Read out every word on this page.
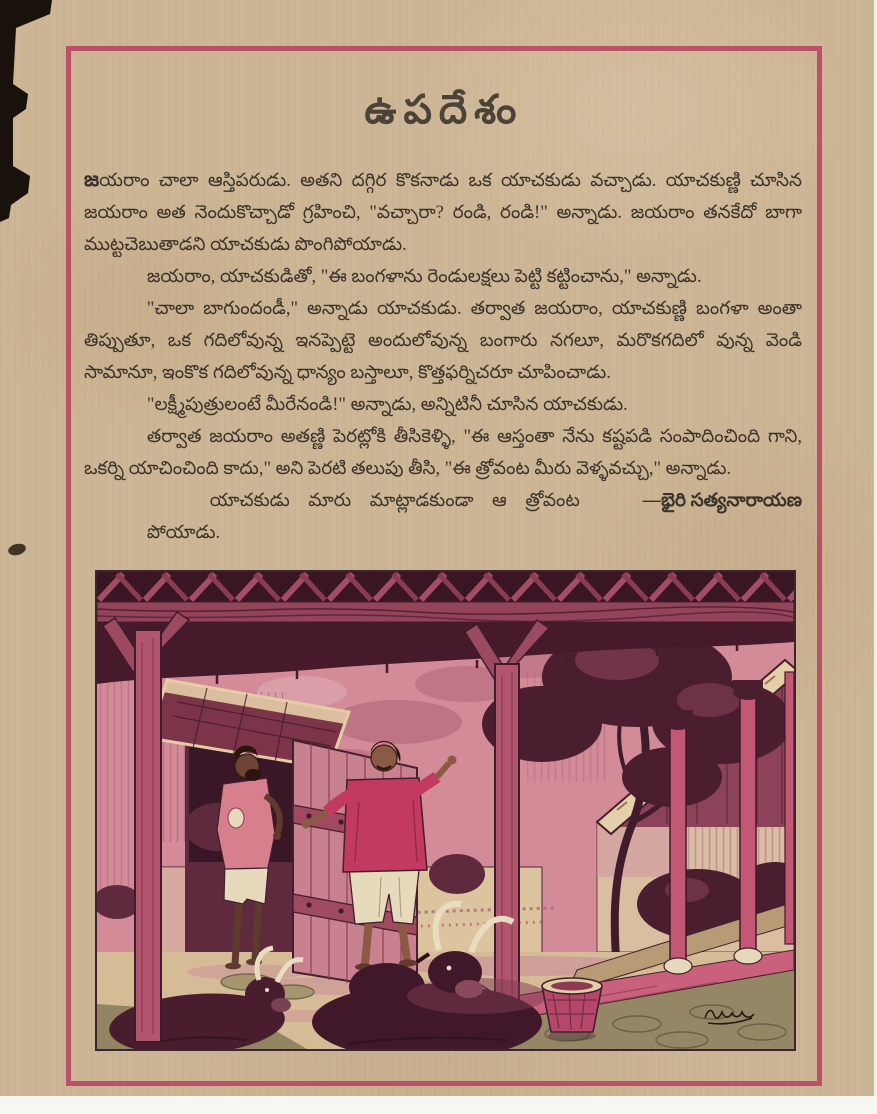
ఉపదేశం

జయరాం చాలా ఆస్తిపరుడు. అతని దగ్గిర కొకనాడు ఒక యాచకుడు వచ్చాడు. యాచకుణ్ణి చూసిన జయరాం అత నెందుకొచ్చాడో గ్రహించి, "వచ్చారా? రండి, రండి!" అన్నాడు. జయరాం తనకేదో బాగా ముట్టచెబుతాడని యాచకుడు పొంగిపోయాడు.

జయరాం, యాచకుడితో, "ఈ బంగళాను రెండులక్షలు పెట్టి కట్టించాను," అన్నాడు.

"చాలా బాగుందండీ," అన్నాడు యాచకుడు. తర్వాత జయరాం, యాచకుణ్ణి బంగళా అంతా తిప్పుతూ, ఒక గదిలోవున్న ఇనప్పెట్టె అందులోవున్న బంగారు నగలూ, మరొకగదిలో వున్న వెండి సామానూ, ఇంకొక గదిలోవున్న ధాన్యం బస్తాలూ, కొత్తఫర్నిచరూ చూపించాడు.

"లక్ష్మీపుత్రులంటే మీరేనండి!" అన్నాడు, అన్నిటినీ చూసిన యాచకుడు.

తర్వాత జయరాం అతణ్ణి పెరట్లోకి తీసికెళ్ళి, "ఈ ఆస్తంతా నేను కష్టపడి సంపాదించింది గాని, ఒకర్ని యాచించింది కాదు," అని పెరటి తలుపు తీసి, "ఈ త్రోవంట మీరు వెళ్ళవచ్చు," అన్నాడు.

యాచకుడు మారు మాట్లాడకుండా ఆ త్రోవంట పోయాడు.
—భైరి సత్యనారాయణ
